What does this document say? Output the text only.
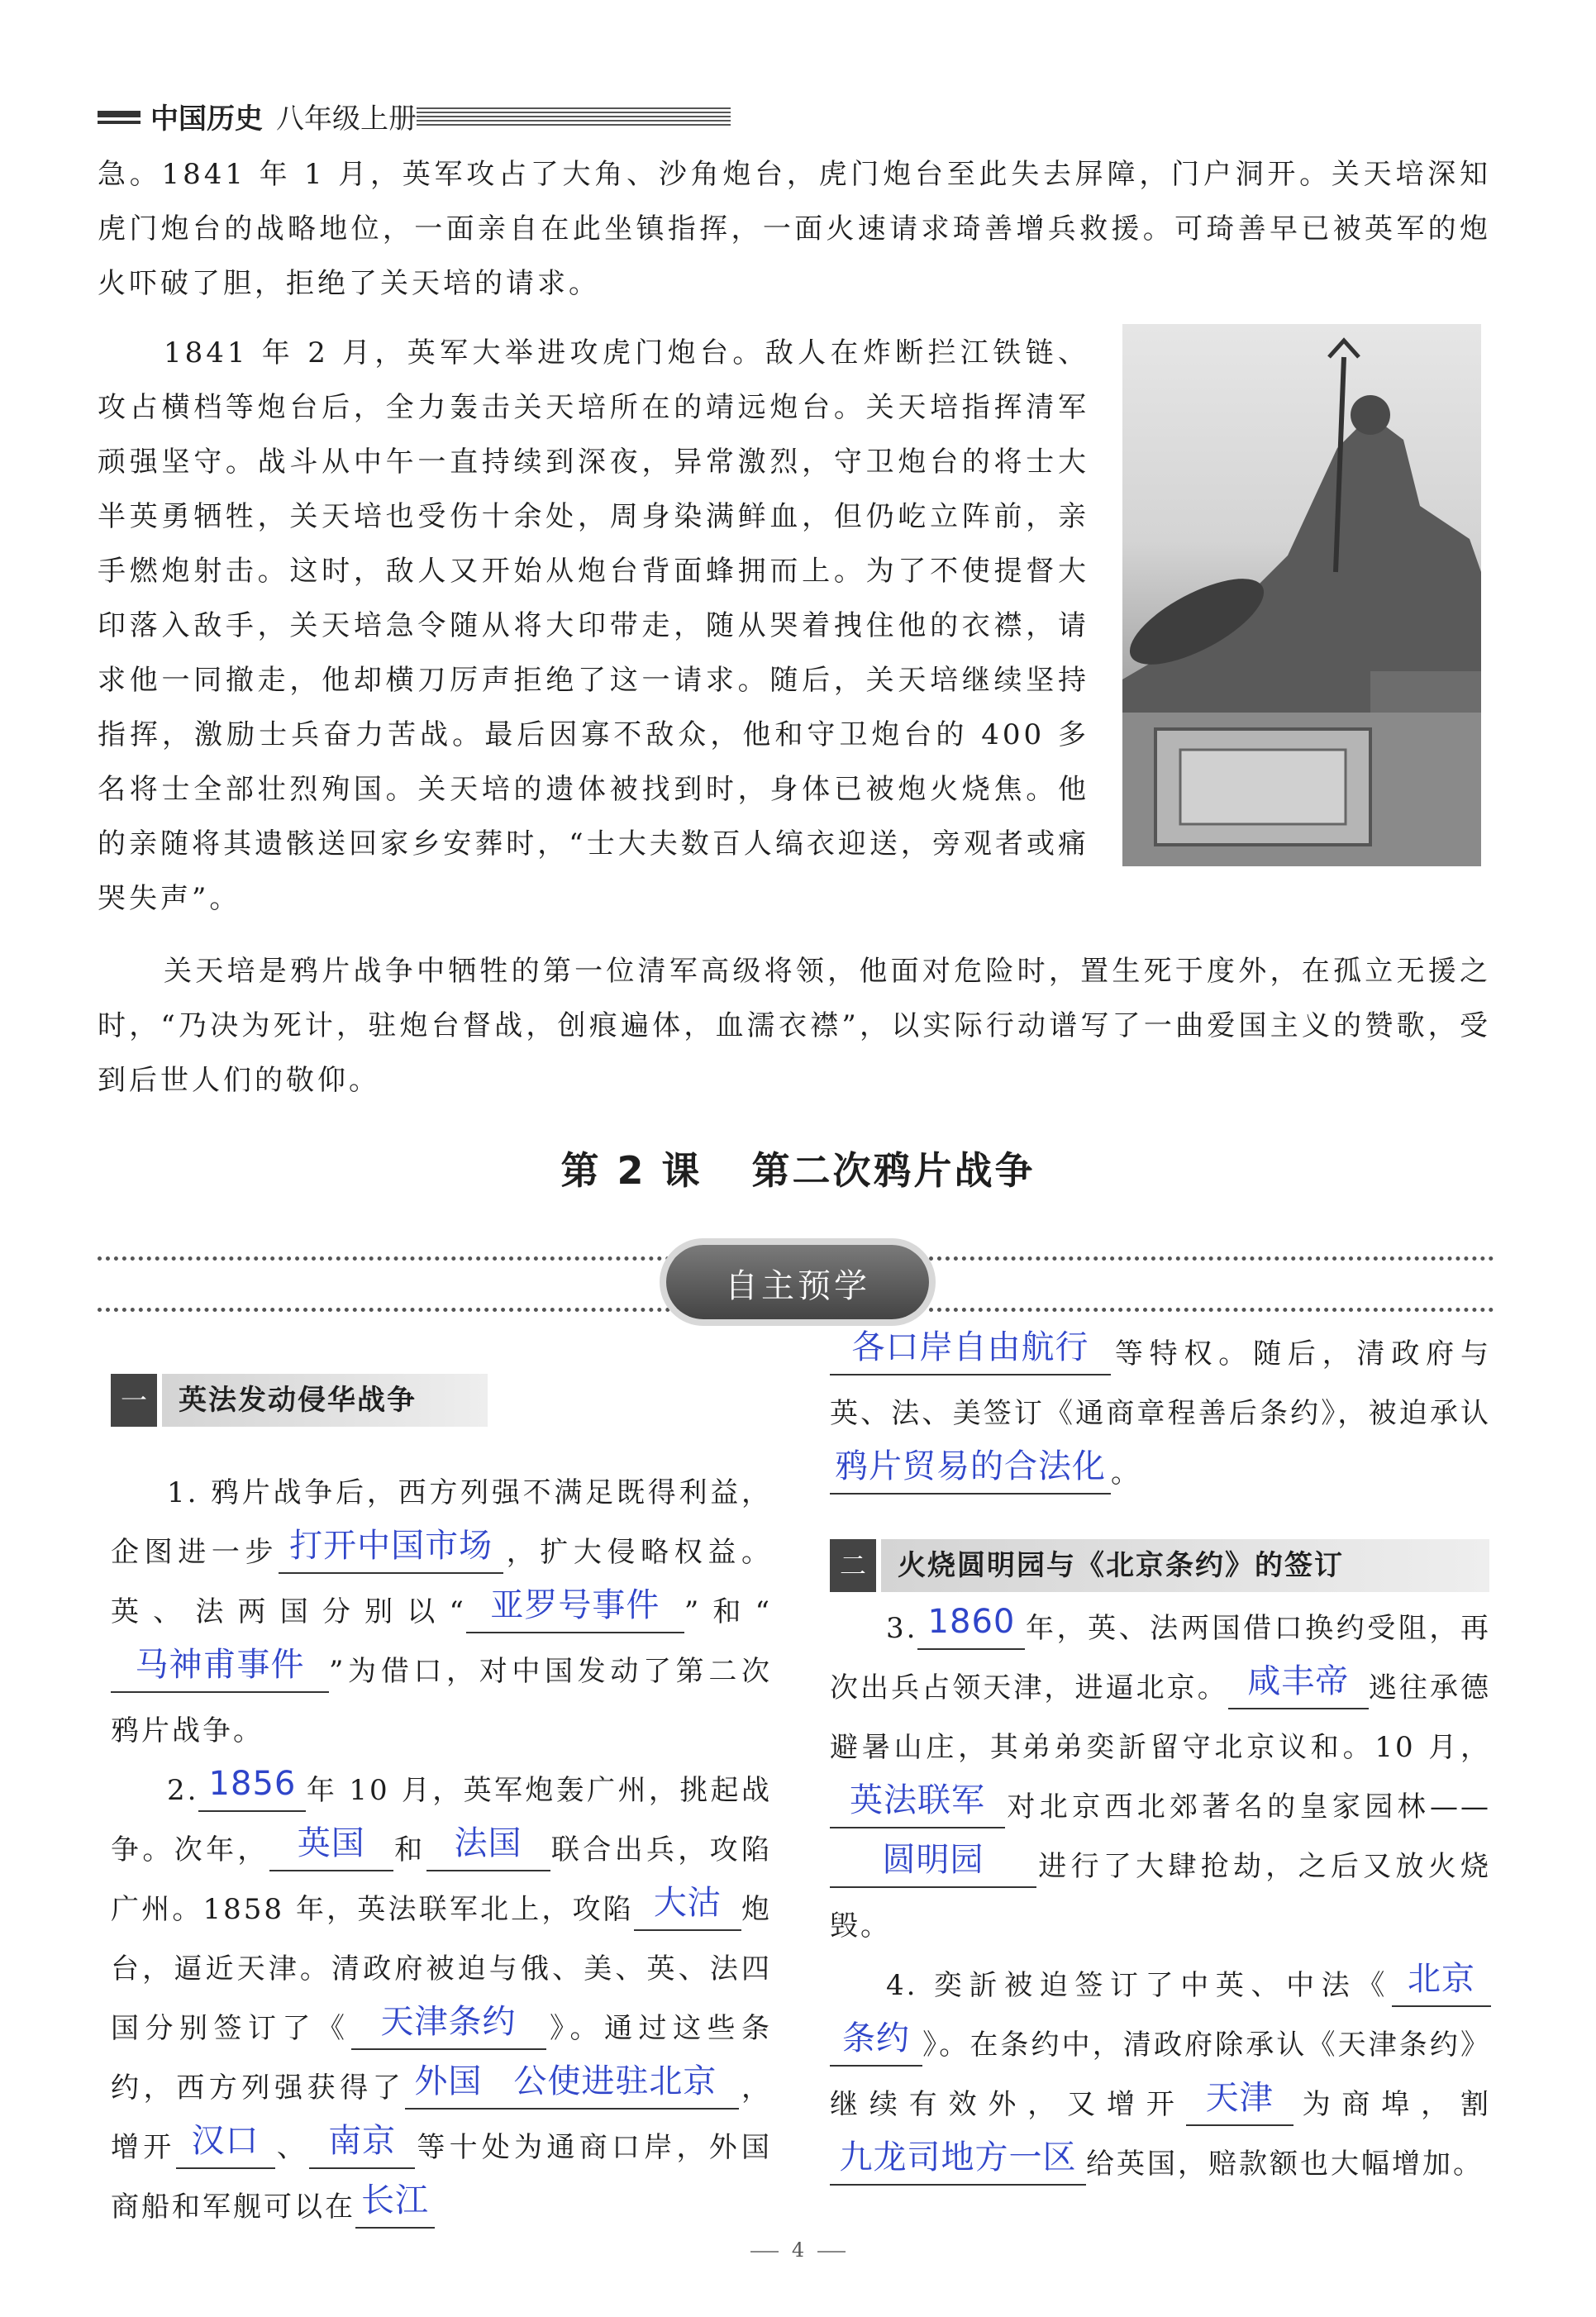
中国历史 八年级上册
急。1841 年 1 月，英军攻占了大角、沙角炮台，虎门炮台至此失去屏障，门户洞开。关天培深知虎门炮台的战略地位，一面亲自在此坐镇指挥，一面火速请求琦善增兵救援。可琦善早已被英军的炮火吓破了胆，拒绝了关天培的请求。
1841 年 2 月，英军大举进攻虎门炮台。敌人在炸断拦江铁链、攻占横档等炮台后，全力轰击关天培所在的靖远炮台。关天培指挥清军顽强坚守。战斗从中午一直持续到深夜，异常激烈，守卫炮台的将士大半英勇牺牲，关天培也受伤十余处，周身染满鲜血，但仍屹立阵前，亲手燃炮射击。这时，敌人又开始从炮台背面蜂拥而上。为了不使提督大印落入敌手，关天培急令随从将大印带走，随从哭着拽住他的衣襟，请求他一同撤走，他却横刀厉声拒绝了这一请求。随后，关天培继续坚持指挥，激励士兵奋力苦战。最后因寡不敌众，他和守卫炮台的 400 多名将士全部壮烈殉国。关天培的遗体被找到时，身体已被炮火烧焦。他的亲随将其遗骸送回家乡安葬时，“士大夫数百人缟衣迎送，旁观者或痛哭失声”。
关天培是鸦片战争中牺牲的第一位清军高级将领，他面对危险时，置生死于度外，在孤立无援之时，“乃决为死计，驻炮台督战，创痕遍体，血濡衣襟”，以实际行动谱写了一曲爱国主义的赞歌，受到后世人们的敬仰。
第 2 课 第二次鸦片战争
自主预学
一	英法发动侵华战争
1. 鸦片战争后，西方列强不满足既得利益，企图进一步 打开中国市场 ，扩大侵略权益。英、法两国分别以“ 亚罗号事件 ”和“马神甫事件 ”为借口，对中国发动了第二次鸦片战争。
2. 1856 年 10 月，英军炮轰广州，挑起战争。次年， 英国 和 法国 联合出兵，攻陷广州。1858 年，英法联军北上，攻陷 大沽 炮台，逼近天津。清政府被迫与俄、美、英、法四国分别签订了《 天津条约 》。通过这些条约，西方列强获得了 外国 公使进驻北京 ，增开 汉口 、 南京 等十处为通商口岸，外国商船和军舰可以在 长江
各口岸自由航行 等特权。随后，清政府与英、法、美签订《通商章程善后条约》，被迫承认鸦片贸易的合法化 。
3. 1860 年，英、法两国借口换约受阻，再次出兵占领天津，进逼北京。 咸丰帝 逃往承德避暑山庄，其弟弟奕訢留守北京议和。10 月，英法联军 对北京西北郊著名的皇家园林——圆明园 进行了大肆抢劫，之后又放火烧毁。
4. 奕訢被迫签订了中英、中法《 北京条约 》。在条约中，清政府除承认《天津条约》继续有效外，又增开 天津 为商埠，割九龙司地方一区 给英国，赔款额也大幅增加。
二	火烧圆明园与《北京条约》的签订
4
